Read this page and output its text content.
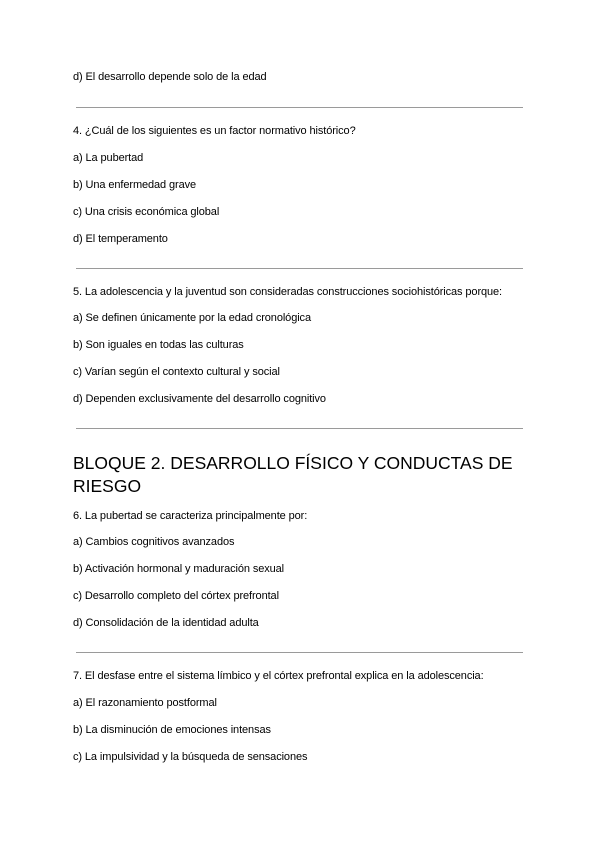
d) El desarrollo depende solo de la edad
4. ¿Cuál de los siguientes es un factor normativo histórico?
a) La pubertad
b) Una enfermedad grave
c) Una crisis económica global
d) El temperamento
5. La adolescencia y la juventud son consideradas construcciones sociohistóricas porque:
a) Se definen únicamente por la edad cronológica
b) Son iguales en todas las culturas
c) Varían según el contexto cultural y social
d) Dependen exclusivamente del desarrollo cognitivo
BLOQUE 2. DESARROLLO FÍSICO Y CONDUCTAS DE
RIESGO
6. La pubertad se caracteriza principalmente por:
a) Cambios cognitivos avanzados
b) Activación hormonal y maduración sexual
c) Desarrollo completo del córtex prefrontal
d) Consolidación de la identidad adulta
7. El desfase entre el sistema límbico y el córtex prefrontal explica en la adolescencia:
a) El razonamiento postformal
b) La disminución de emociones intensas
c) La impulsividad y la búsqueda de sensaciones
